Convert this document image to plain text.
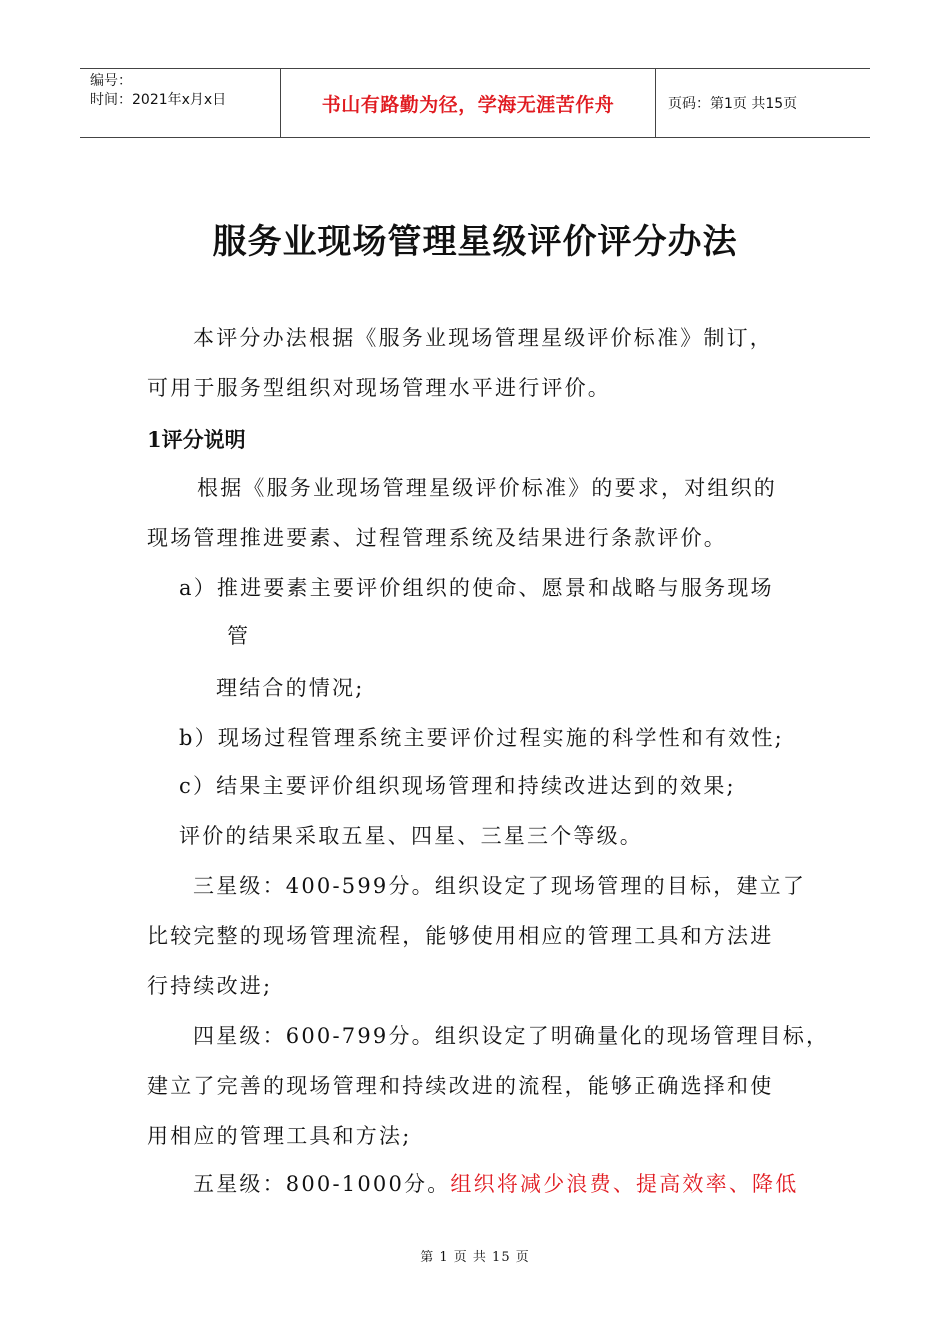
编号：
时间：2021年x月x日	书山有路勤为径，学海无涯苦作舟	页码：第1页 共15页
服务业现场管理星级评价评分办法
本评分办法根据《服务业现场管理星级评价标准》制订，
可用于服务型组织对现场管理水平进行评价。
1评分说明
根据《服务业现场管理星级评价标准》的要求，对组织的
现场管理推进要素、过程管理系统及结果进行条款评价。
a）推进要素主要评价组织的使命、愿景和战略与服务现场
管
理结合的情况;
b）现场过程管理系统主要评价过程实施的科学性和有效性;
c）结果主要评价组织现场管理和持续改进达到的效果;
评价的结果采取五星、四星、三星三个等级。
三星级：400-599分。组织设定了现场管理的目标，建立了
比较完整的现场管理流程，能够使用相应的管理工具和方法进
行持续改进;
四星级：600-799分。组织设定了明确量化的现场管理目标，
建立了完善的现场管理和持续改进的流程，能够正确选择和使
用相应的管理工具和方法;
五星级：800-1000分。组织将减少浪费、提高效率、降低
第 1 页 共 15 页
